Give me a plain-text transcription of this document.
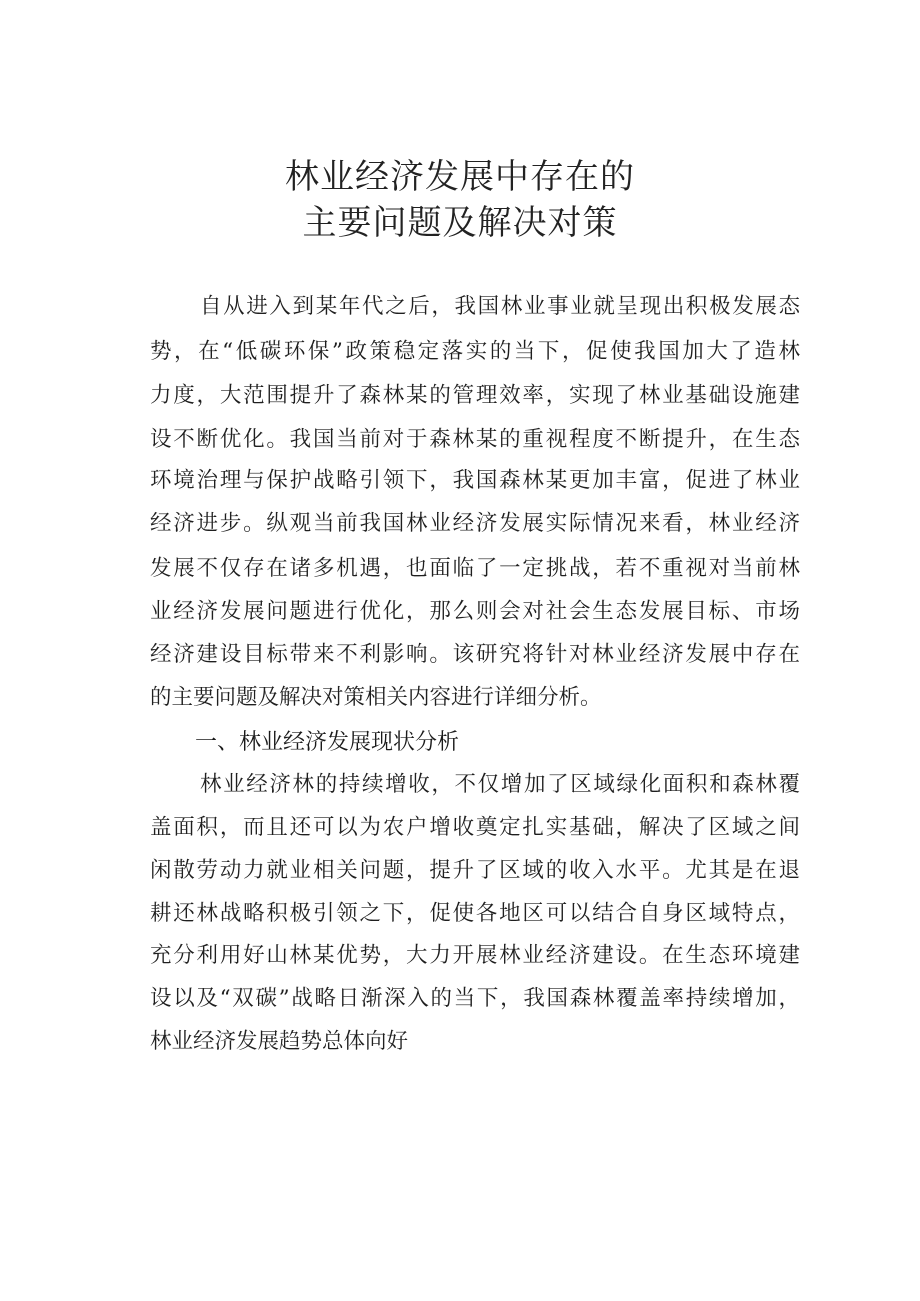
林业经济发展中存在的
主要问题及解决对策
自从进入到某年代之后，我国林业事业就呈现出积极发展态
势，在“低碳环保”政策稳定落实的当下，促使我国加大了造林
力度，大范围提升了森林某的管理效率，实现了林业基础设施建
设不断优化。我国当前对于森林某的重视程度不断提升，在生态
环境治理与保护战略引领下，我国森林某更加丰富，促进了林业
经济进步。纵观当前我国林业经济发展实际情况来看，林业经济
发展不仅存在诸多机遇，也面临了一定挑战，若不重视对当前林
业经济发展问题进行优化，那么则会对社会生态发展目标、市场
经济建设目标带来不利影响。该研究将针对林业经济发展中存在
的主要问题及解决对策相关内容进行详细分析。
一、林业经济发展现状分析
林业经济林的持续增收，不仅增加了区域绿化面积和森林覆
盖面积，而且还可以为农户增收奠定扎实基础，解决了区域之间
闲散劳动力就业相关问题，提升了区域的收入水平。尤其是在退
耕还林战略积极引领之下，促使各地区可以结合自身区域特点，
充分利用好山林某优势，大力开展林业经济建设。在生态环境建
设以及“双碳”战略日渐深入的当下，我国森林覆盖率持续增加，
林业经济发展趋势总体向好
